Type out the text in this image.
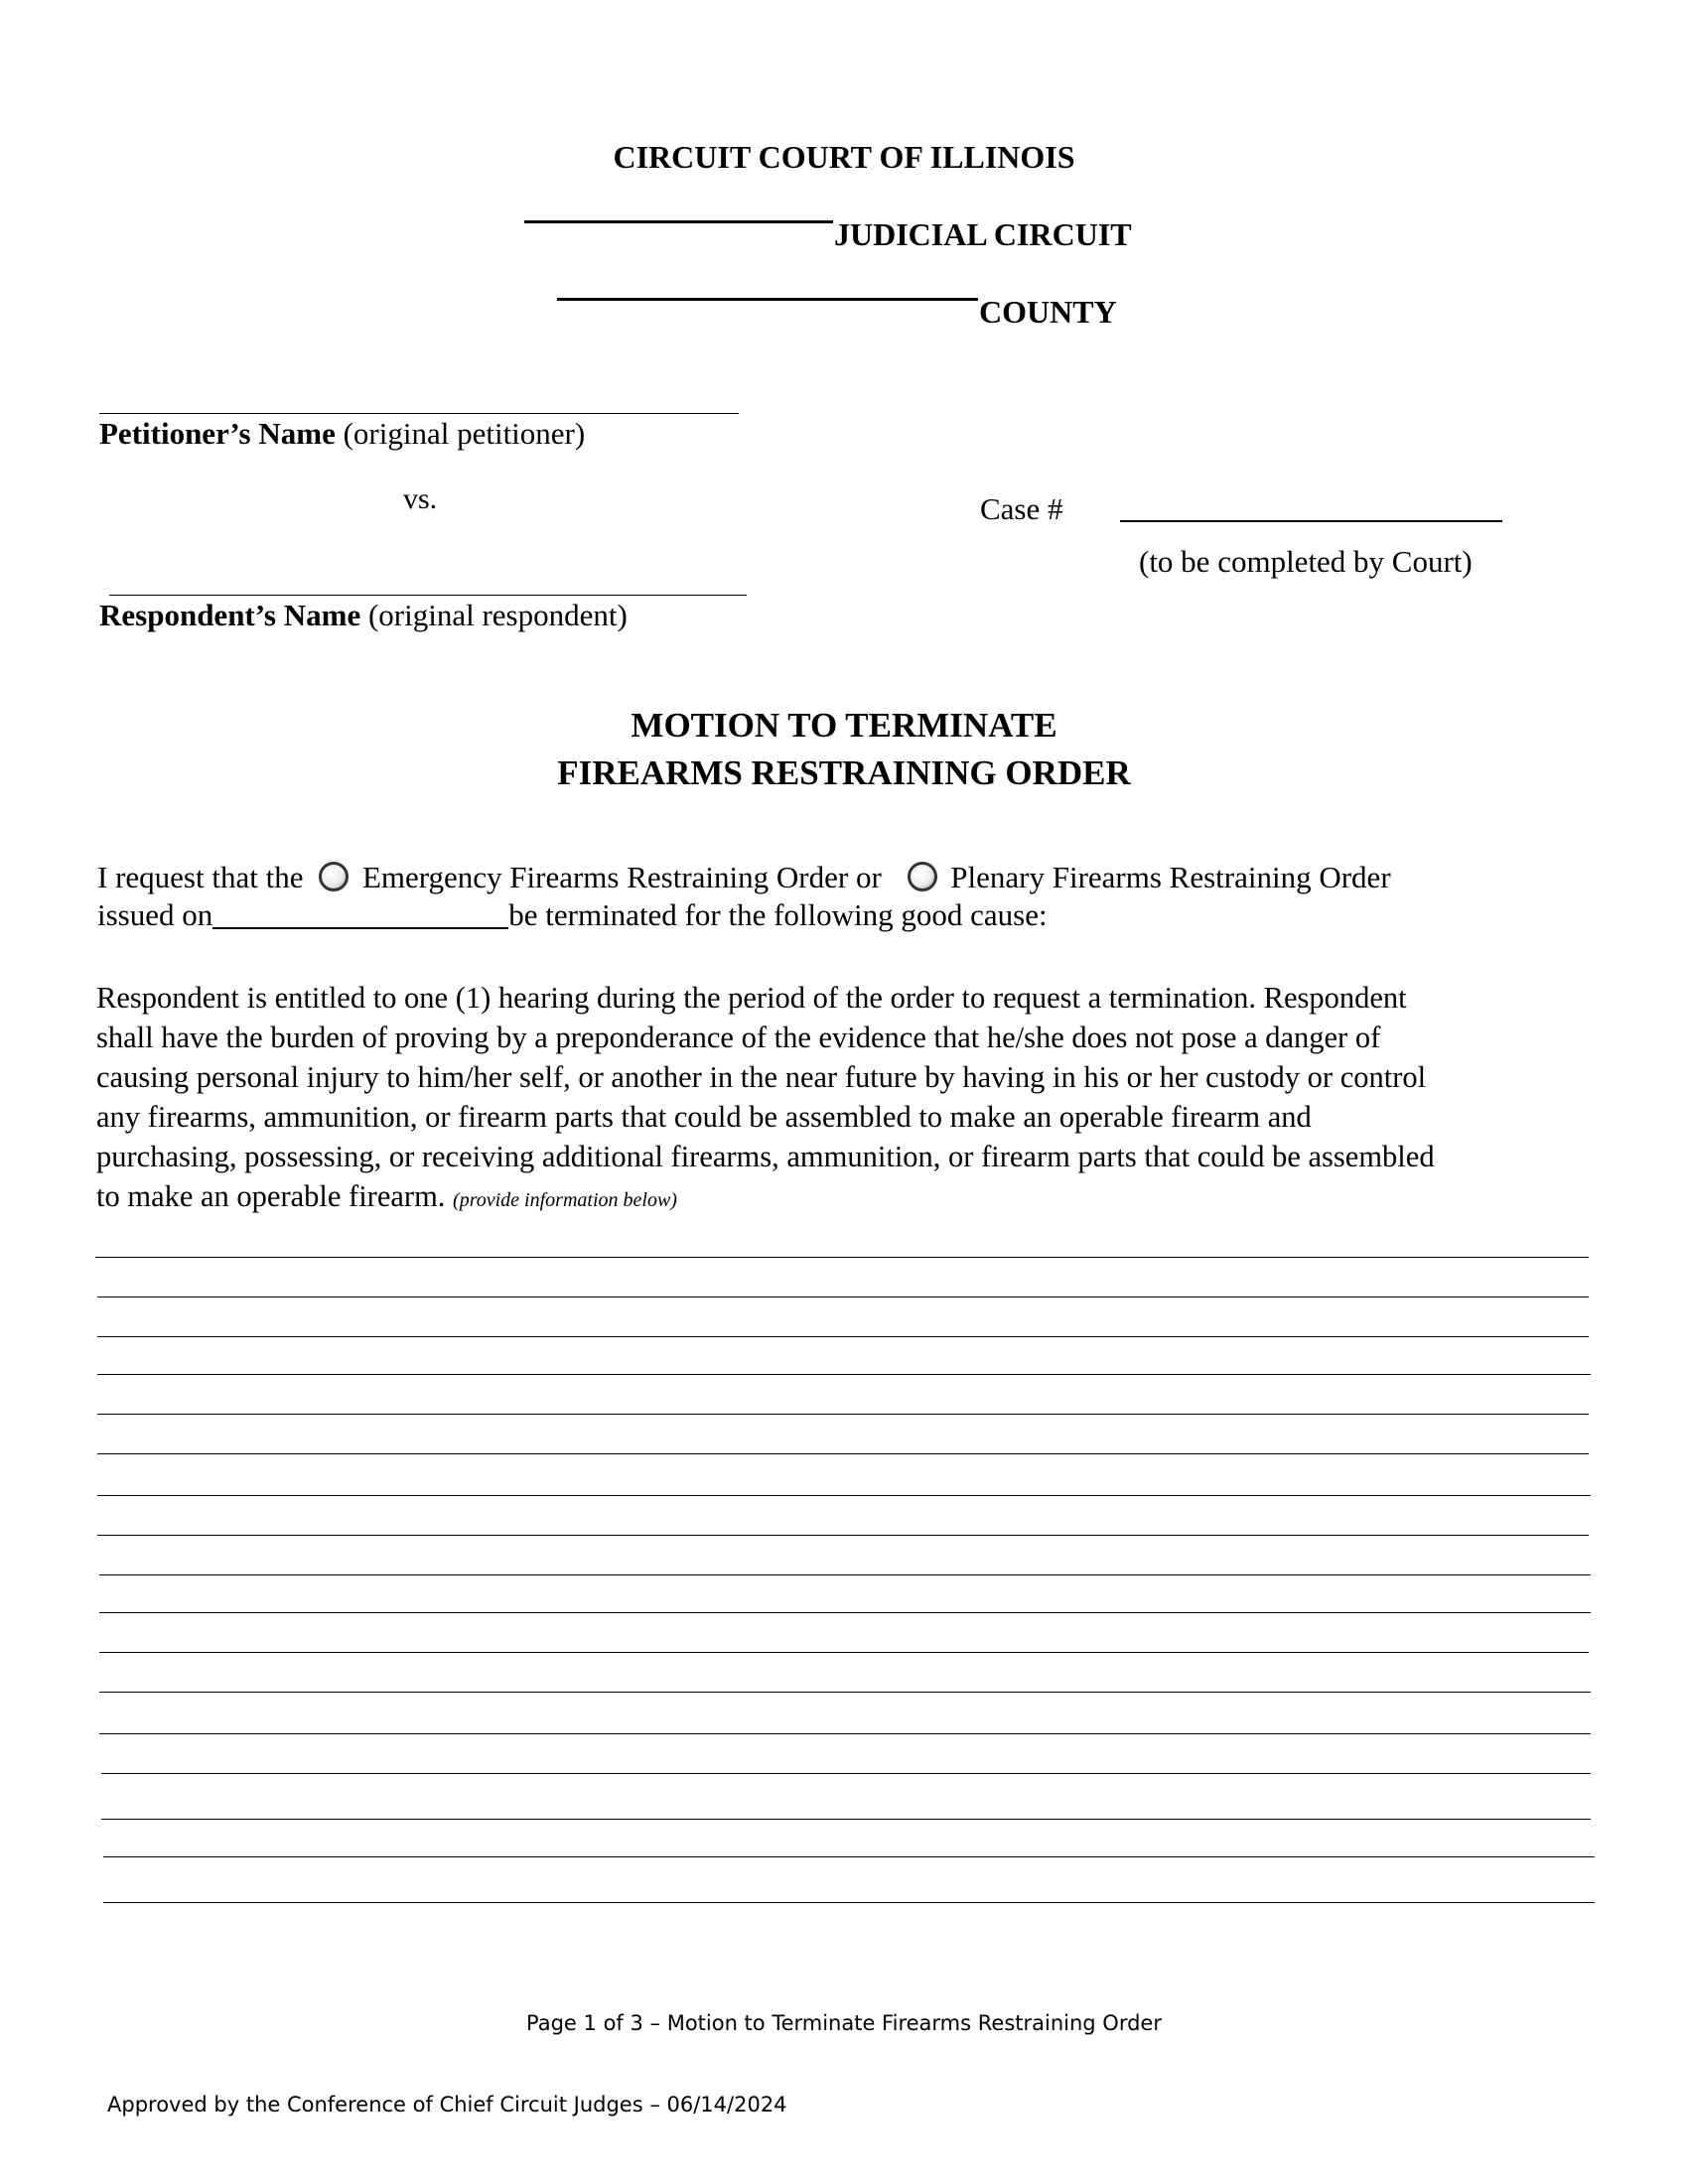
CIRCUIT COURT OF ILLINOIS
JUDICIAL CIRCUIT
COUNTY
Petitioner’s Name (original petitioner)
vs.	Case #
(to be completed by Court)
Respondent’s Name (original respondent)
MOTION TO TERMINATE
FIREARMS RESTRAINING ORDER
I request that the Emergency Firearms Restraining Order or Plenary Firearms Restraining Order
issued on	be terminated for the following good cause:
Respondent is entitled to one (1) hearing during the period of the order to request a termination. Respondent
shall have the burden of proving by a preponderance of the evidence that he/she does not pose a danger of
causing personal injury to him/her self, or another in the near future by having in his or her custody or control
any firearms, ammunition, or firearm parts that could be assembled to make an operable firearm and
purchasing, possessing, or receiving additional firearms, ammunition, or firearm parts that could be assembled
to make an operable firearm. (provide information below)
Page 1 of 3 – Motion to Terminate Firearms Restraining Order
Approved by the Conference of Chief Circuit Judges – 06/14/2024
